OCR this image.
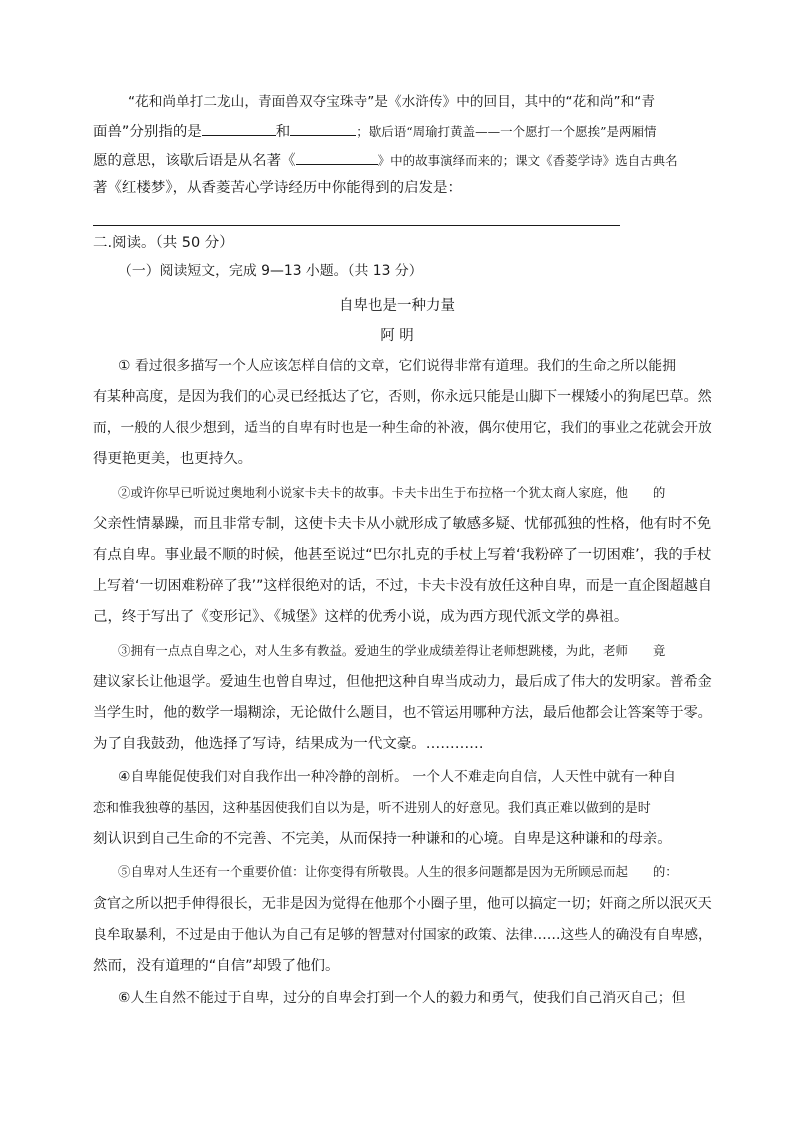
“花和尚单打二龙山，青面兽双夺宝珠寺”是《水浒传》中的回目，其中的“花和尚”和“青
面兽”分别指的是	和	；歇后语“周瑜打黄盖——一个愿打一个愿挨”是两厢情
愿的意思，该歇后语是从名著《	》中的故事演绎而来的；课文《香菱学诗》选自古典名
著《红楼梦》，从香菱苦心学诗经历中你能得到的启发是：
二.阅读。（共 50 分）
（一）阅读短文，完成 9—13 小题。（共 13 分）
自卑也是一种力量
阿 明
① 看过很多描写一个人应该怎样自信的文章，它们说得非常有道理。我们的生命之所以能拥
有某种高度，是因为我们的心灵已经抵达了它，否则，你永远只能是山脚下一棵矮小的狗尾巴草。然
而，一般的人很少想到，适当的自卑有时也是一种生命的补液，偶尔使用它，我们的事业之花就会开放
得更艳更美，也更持久。
②或许你早已听说过奥地利小说家卡夫卡的故事。卡夫卡出生于布拉格一个犹太商人家庭，他　　的
父亲性情暴躁，而且非常专制，这使卡夫卡从小就形成了敏感多疑、忧郁孤独的性格，他有时不免
有点自卑。事业最不顺的时候，他甚至说过“巴尔扎克的手杖上写着‘我粉碎了一切困难’，我的手杖
上写着‘一切困难粉碎了我’”这样很绝对的话，不过，卡夫卡没有放任这种自卑，而是一直企图超越自
己，终于写出了《变形记》、《城堡》这样的优秀小说，成为西方现代派文学的鼻祖。
③拥有一点点自卑之心，对人生多有教益。爱迪生的学业成绩差得让老师想跳楼，为此，老师　　竟
建议家长让他退学。爱迪生也曾自卑过，但他把这种自卑当成动力，最后成了伟大的发明家。普希金
当学生时，他的数学一塌糊涂，无论做什么题目，也不管运用哪种方法，最后他都会让答案等于零。
为了自我鼓劲，他选择了写诗，结果成为一代文豪。…………
④自卑能促使我们对自我作出一种冷静的剖析。 一个人不难走向自信，人天性中就有一种自
恋和惟我独尊的基因，这种基因使我们自以为是，听不进别人的好意见。我们真正难以做到的是时
刻认识到自己生命的不完善、不完美，从而保持一种谦和的心境。自卑是这种谦和的母亲。
⑤自卑对人生还有一个重要价值：让你变得有所敬畏。人生的很多问题都是因为无所顾忌而起　　的：
贪官之所以把手伸得很长，无非是因为觉得在他那个小圈子里，他可以搞定一切；奸商之所以泯灭天
良牟取暴利，不过是由于他认为自己有足够的智慧对付国家的政策、法律……这些人的确没有自卑感，
然而，没有道理的“自信”却毁了他们。
⑥人生自然不能过于自卑，过分的自卑会打到一个人的毅力和勇气，使我们自己消灭自己；但
